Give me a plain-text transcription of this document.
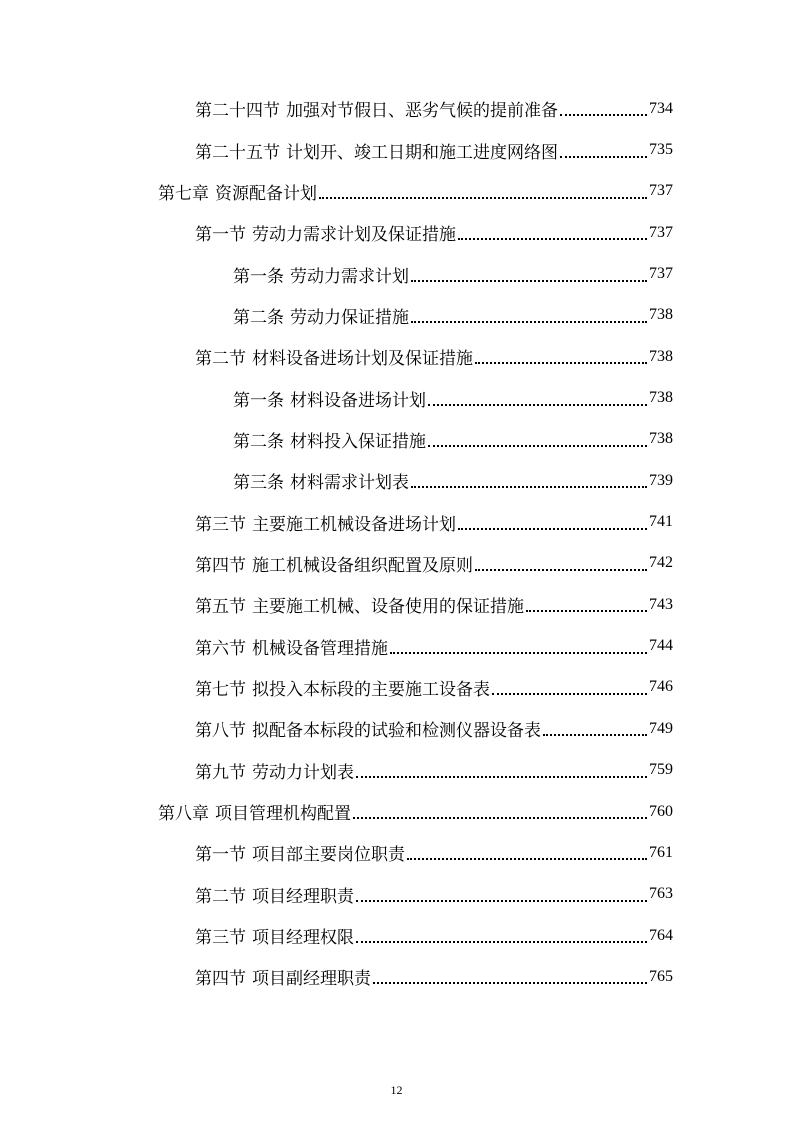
第二十四节 加强对节假日、恶劣气候的提前准备	734
第二十五节 计划开、竣工日期和施工进度网络图	735
第七章 资源配备计划	737
第一节 劳动力需求计划及保证措施	737
第一条 劳动力需求计划	737
第二条 劳动力保证措施	738
第二节 材料设备进场计划及保证措施	738
第一条 材料设备进场计划	738
第二条 材料投入保证措施	738
第三条 材料需求计划表	739
第三节 主要施工机械设备进场计划	741
第四节 施工机械设备组织配置及原则	742
第五节 主要施工机械、设备使用的保证措施	743
第六节 机械设备管理措施	744
第七节 拟投入本标段的主要施工设备表	746
第八节 拟配备本标段的试验和检测仪器设备表	749
第九节 劳动力计划表	759
第八章 项目管理机构配置	760
第一节 项目部主要岗位职责	761
第二节 项目经理职责	763
第三节 项目经理权限	764
第四节 项目副经理职责	765
12
